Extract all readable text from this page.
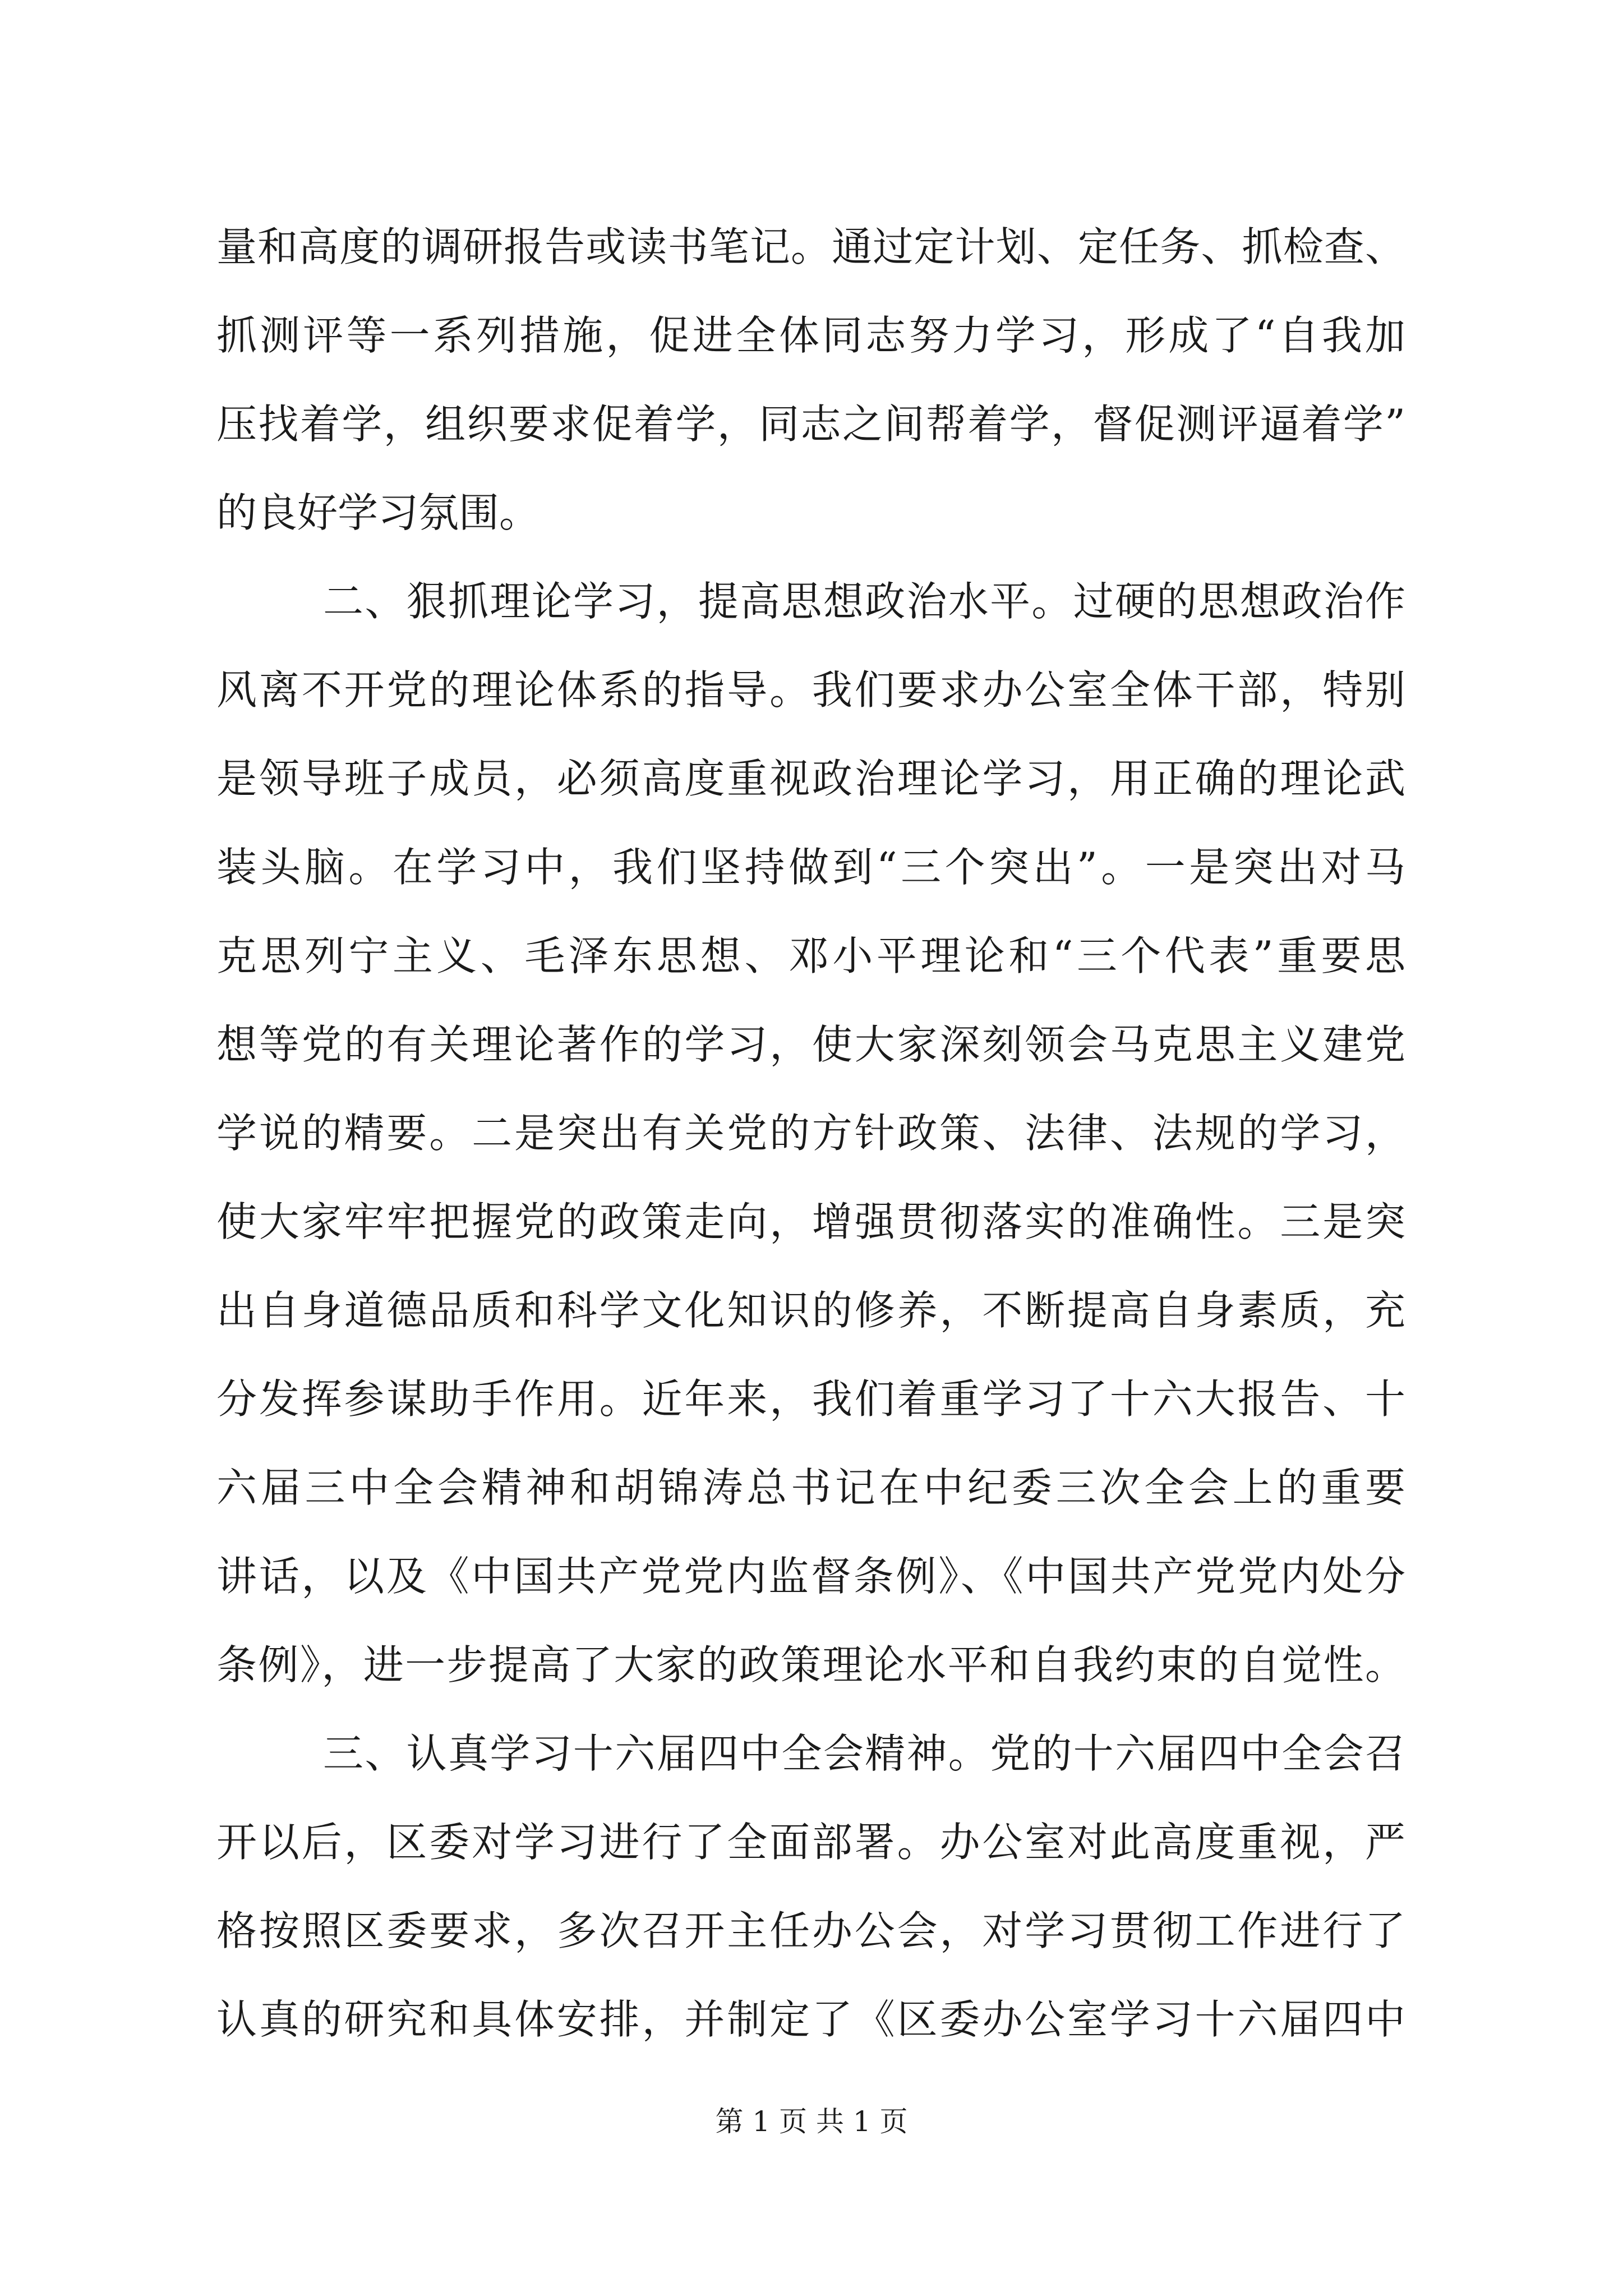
量和高度的调研报告或读书笔记。通过定计划、定任务、抓检查、
抓测评等一系列措施，促进全体同志努力学习，形成了“自我加
压找着学，组织要求促着学，同志之间帮着学，督促测评逼着学”
的良好学习氛围。
二、狠抓理论学习，提高思想政治水平。过硬的思想政治作
风离不开党的理论体系的指导。我们要求办公室全体干部，特别
是领导班子成员，必须高度重视政治理论学习，用正确的理论武
装头脑。在学习中，我们坚持做到“三个突出”。一是突出对马
克思列宁主义、毛泽东思想、邓小平理论和“三个代表”重要思
想等党的有关理论著作的学习，使大家深刻领会马克思主义建党
学说的精要。二是突出有关党的方针政策、法律、法规的学习，
使大家牢牢把握党的政策走向，增强贯彻落实的准确性。三是突
出自身道德品质和科学文化知识的修养，不断提高自身素质，充
分发挥参谋助手作用。近年来，我们着重学习了十六大报告、十
六届三中全会精神和胡锦涛总书记在中纪委三次全会上的重要
讲话，以及《中国共产党党内监督条例》、《中国共产党党内处分
条例》，进一步提高了大家的政策理论水平和自我约束的自觉性。
三、认真学习十六届四中全会精神。党的十六届四中全会召
开以后，区委对学习进行了全面部署。办公室对此高度重视，严
格按照区委要求，多次召开主任办公会，对学习贯彻工作进行了
认真的研究和具体安排，并制定了《区委办公室学习十六届四中
第 1 页 共 1 页
